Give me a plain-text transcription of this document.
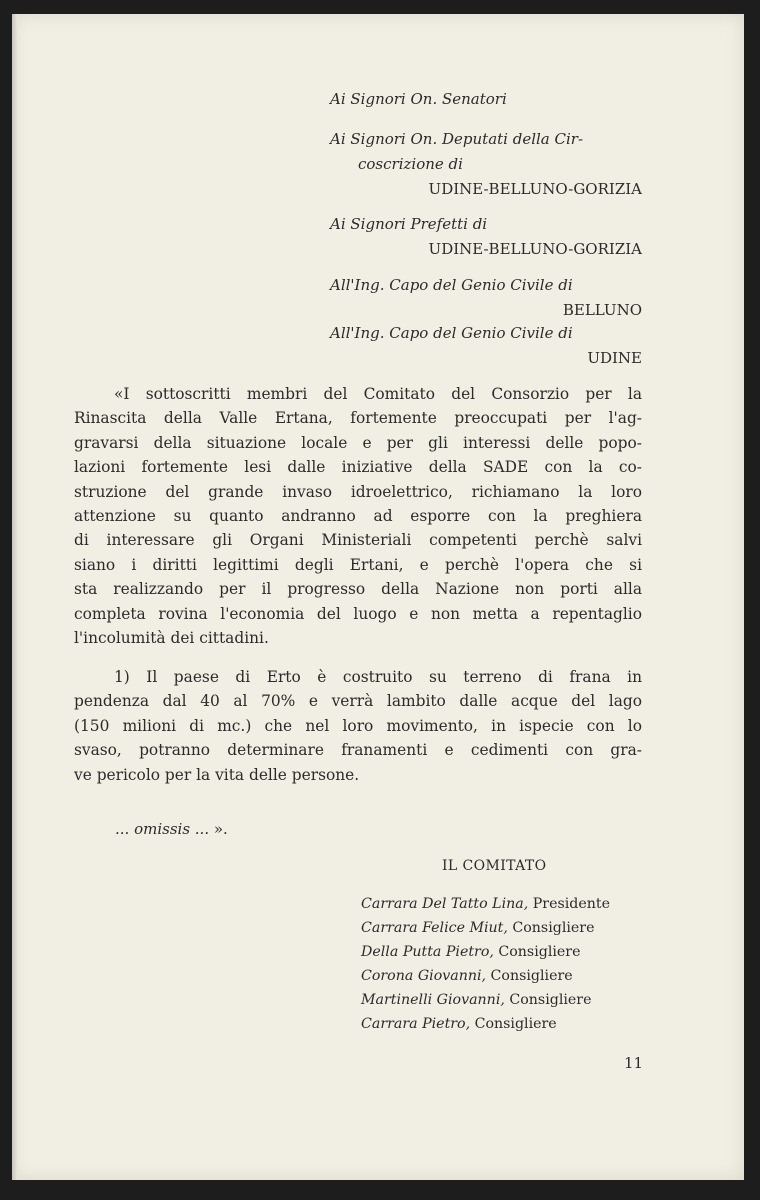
Ai Signori On. Senatori
Ai Signori On. Deputati della Cir-
coscrizione di
UDINE-BELLUNO-GORIZIA
Ai Signori Prefetti di
UDINE-BELLUNO-GORIZIA
All'Ing. Capo del Genio Civile di
BELLUNO
All'Ing. Capo del Genio Civile di
UDINE
«I sottoscritti membri del Comitato del Consorzio per la
Rinascita della Valle Ertana, fortemente preoccupati per l'ag-
gravarsi della situazione locale e per gli interessi delle popo-
lazioni fortemente lesi dalle iniziative della SADE con la co-
struzione del grande invaso idroelettrico, richiamano la loro
attenzione su quanto andranno ad esporre con la preghiera
di interessare gli Organi Ministeriali competenti perchè salvi
siano i diritti legittimi degli Ertani, e perchè l'opera che si
sta realizzando per il progresso della Nazione non porti alla
completa rovina l'economia del luogo e non metta a repentaglio
l'incolumità dei cittadini.
1) Il paese di Erto è costruito su terreno di frana in
pendenza dal 40 al 70% e verrà lambito dalle acque del lago
(150 milioni di mc.) che nel loro movimento, in ispecie con lo
svaso, potranno determinare franamenti e cedimenti con gra-
ve pericolo per la vita delle persone.
... omissis ... ».
IL COMITATO
Carrara Del Tatto Lina, Presidente
Carrara Felice Miut, Consigliere
Della Putta Pietro, Consigliere
Corona Giovanni, Consigliere
Martinelli Giovanni, Consigliere
Carrara Pietro, Consigliere
11
